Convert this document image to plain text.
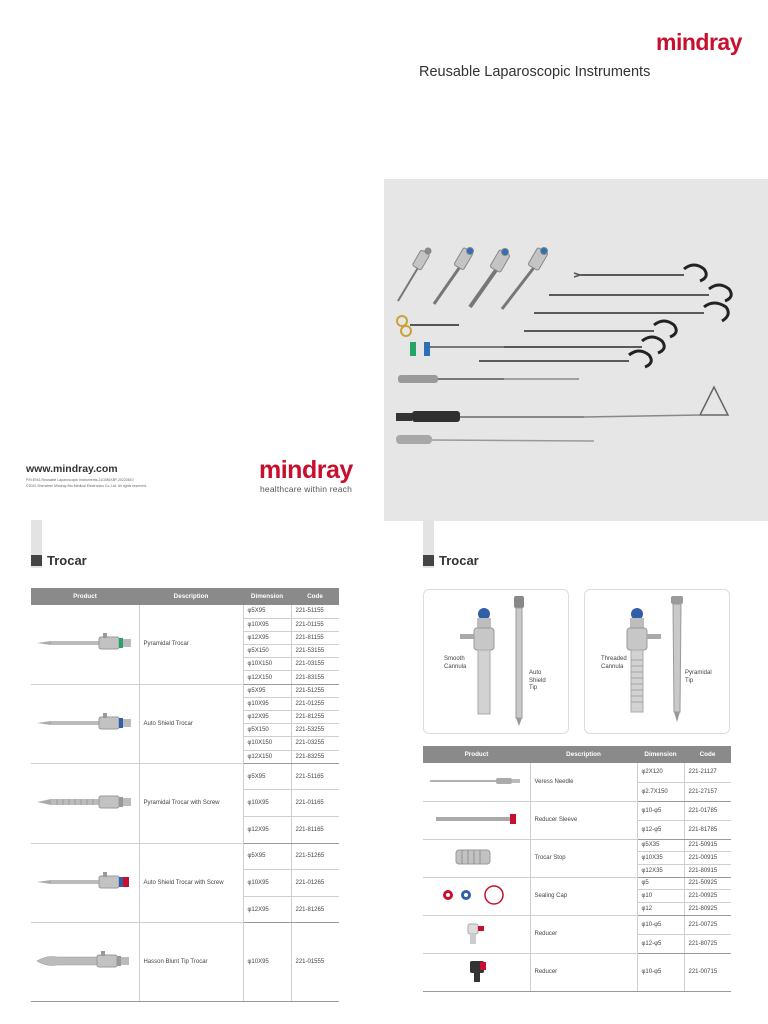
mindray
Reusable Laparoscopic Instruments
www.mindray.com
P/N:ENG-Reusable Laparoscopic Instruments-210285X8P-20220810
©2022 Shenzhen Mindray Bio-Medical Electronics Co.,Ltd. All rights reserved.
mindray
healthcare within reach
Trocar	Trocar
Product	Description	Dimension	Code
	Pyramidal Trocar	φ5X95	221-51155
		φ10X95	221-01155
		φ12X95	221-81155
		φ5X150	221-53155
		φ10X150	221-03155
		φ12X150	221-83155
	Auto Shield Trocar	φ5X95	221-51255
		φ10X95	221-01255
		φ12X95	221-81255
		φ5X150	221-53255
		φ10X150	221-03255
		φ12X150	221-83255
	Pyramidal Trocar with Screw	φ5X95	221-51165
		φ10X95	221-01165
		φ12X95	221-81165
	Auto Shield Trocar with Screw	φ5X95	221-51265
		φ10X95	221-01265
		φ12X95	221-81265
	Hasson Blunt Tip Trocar	φ10X95	221-01555
Smooth
Cannula
Auto
Shield
Tip
Threaded
Cannula
Pyramidal
Tip
Product	Description	Dimension	Code
	Veress Needle	φ2X120	221-21127
		φ2.7X150	221-27157
	Reducer Sleeve	φ10-φ5	221-01785
		φ12-φ5	221-81785
	Trocar Stop	φ5X35	221-50915
		φ10X35	221-00915
		φ12X35	221-80915
	Sealing Cap	φ5	221-50925
		φ10	221-00925
		φ12	221-80925
	Reducer	φ10-φ5	221-00725
		φ12-φ5	221-80725
	Reducer	φ10-φ5	221-00715
